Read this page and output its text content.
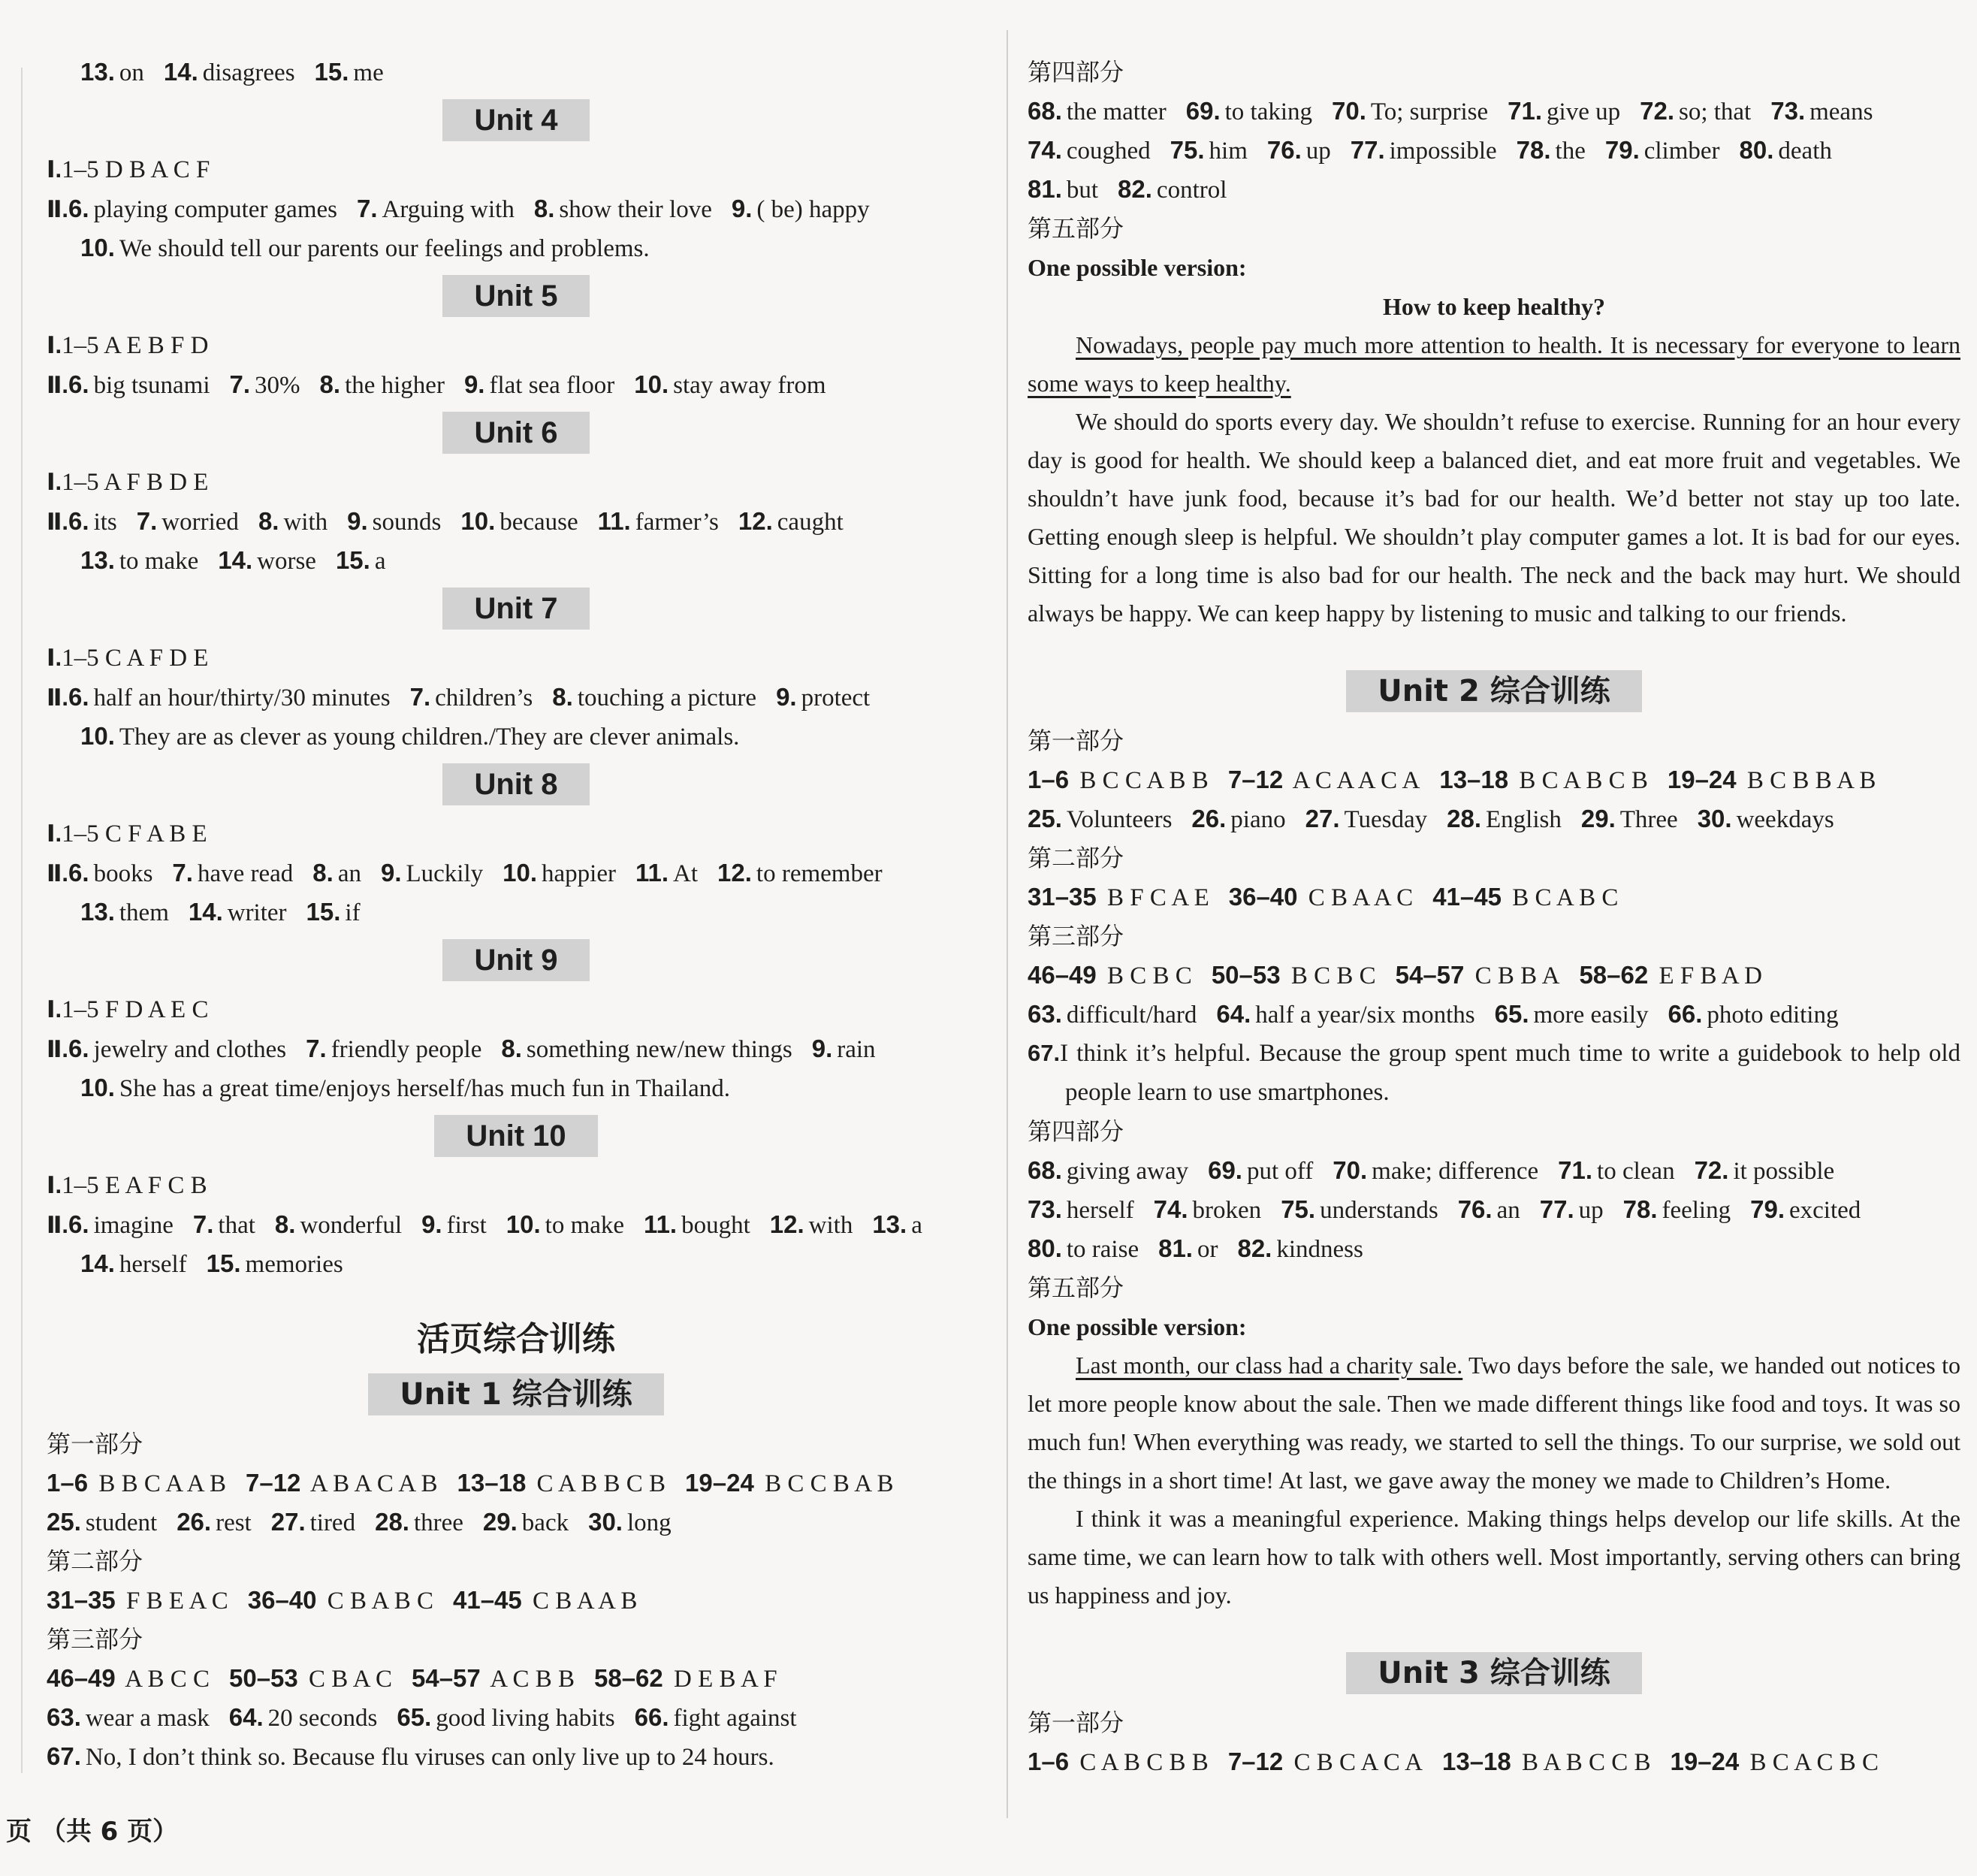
13. on 14. disagrees 15. me
Unit 4
Ⅰ.1–5 D B A C F
Ⅱ.6. playing computer games 7. Arguing with 8. show their love 9. ( be) happy
10. We should tell our parents our feelings and problems.
Unit 5
Ⅰ.1–5 A E B F D
Ⅱ.6. big tsunami 7. 30% 8. the higher 9. flat sea floor 10. stay away from
Unit 6
Ⅰ.1–5 A F B D E
Ⅱ.6. its 7. worried 8. with 9. sounds 10. because 11. farmer’s 12. caught
13. to make 14. worse 15. a
Unit 7
Ⅰ.1–5 C A F D E
Ⅱ.6. half an hour/thirty/30 minutes 7. children’s 8. touching a picture 9. protect
10. They are as clever as young children./They are clever animals.
Unit 8
Ⅰ.1–5 C F A B E
Ⅱ.6. books 7. have read 8. an 9. Luckily 10. happier 11. At 12. to remember
13. them 14. writer 15. if
Unit 9
Ⅰ.1–5 F D A E C
Ⅱ.6. jewelry and clothes 7. friendly people 8. something new/new things 9. rain
10. She has a great time/enjoys herself/has much fun in Thailand.
Unit 10
Ⅰ.1–5 E A F C B
Ⅱ.6. imagine 7. that 8. wonderful 9. first 10. to make 11. bought 12. with 13. a
14. herself 15. memories
活页综合训练
Unit 1 综合训练
第一部分
1–6 B B C A A B 7–12 A B A C A B 13–18 C A B B C B 19–24 B C C B A B
25. student 26. rest 27. tired 28. three 29. back 30. long
第二部分
31–35 F B E A C 36–40 C B A B C 41–45 C B A A B
第三部分
46–49 A B C C 50–53 C B A C 54–57 A C B B 58–62 D E B A F
63. wear a mask 64. 20 seconds 65. good living habits 66. fight against
67. No, I don’t think so. Because flu viruses can only live up to 24 hours.
第四部分
68. the matter 69. to taking 70. To; surprise 71. give up 72. so; that 73. means
74. coughed 75. him 76. up 77. impossible 78. the 79. climber 80. death
81. but 82. control
第五部分
One possible version:
How to keep healthy?

Nowadays, people pay much more attention to health. It is necessary for everyone to learn some ways to keep healthy.

We should do sports every day. We shouldn’t refuse to exercise. Running for an hour every day is good for health. We should keep a balanced diet, and eat more fruit and vegetables. We shouldn’t have junk food, because it’s bad for our health. We’d better not stay up too late. Getting enough sleep is helpful. We shouldn’t play computer games a lot. It is bad for our eyes. Sitting for a long time is also bad for our health. The neck and the back may hurt. We should always be happy. We can keep happy by listening to music and talking to our friends.

Unit 2 综合训练
第一部分
1–6 B C C A B B 7–12 A C A A C A 13–18 B C A B C B 19–24 B C B B A B
25. Volunteers 26. piano 27. Tuesday 28. English 29. Three 30. weekdays
第二部分
31–35 B F C A E 36–40 C B A A C 41–45 B C A B C
第三部分
46–49 B C B C 50–53 B C B C 54–57 C B B A 58–62 E F B A D
63. difficult/hard 64. half a year/six months 65. more easily 66. photo editing
67.I think it’s helpful. Because the group spent much time to write a guidebook to help old people learn to use smartphones.
第四部分
68. giving away 69. put off 70. make; difference 71. to clean 72. it possible
73. herself 74. broken 75. understands 76. an 77. up 78. feeling 79. excited
80. to raise 81. or 82. kindness
第五部分
One possible version:

Last month, our class had a charity sale. Two days before the sale, we handed out notices to let more people know about the sale. Then we made different things like food and toys. It was so much fun! When everything was ready, we started to sell the things. To our surprise, we sold out the things in a short time! At last, we gave away the money we made to Children’s Home.

I think it was a meaningful experience. Making things helps develop our life skills. At the same time, we can learn how to talk with others well. Most importantly, serving others can bring us happiness and joy.

Unit 3 综合训练
第一部分
1–6 C A B C B B 7–12 C B C A C A 13–18 B A B C C B 19–24 B C A C B C
页 （共 6 页）
